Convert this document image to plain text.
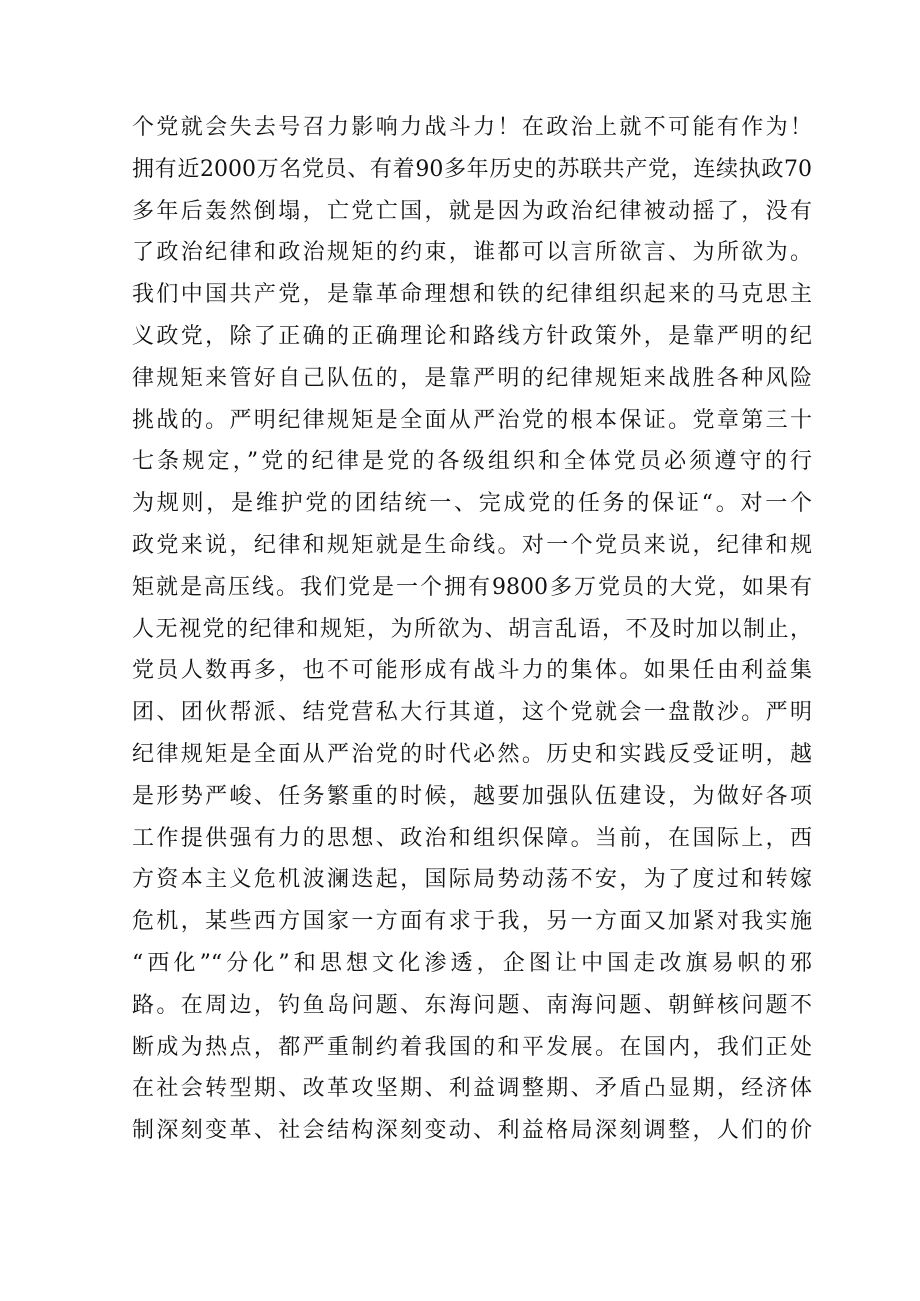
个党就会失去号召力影响力战斗力！在政治上就不可能有作为！
拥有近2000万名党员、有着90多年历史的苏联共产党，连续执政70
多年后轰然倒塌，亡党亡国，就是因为政治纪律被动摇了，没有
了政治纪律和政治规矩的约束，谁都可以言所欲言、为所欲为。
我们中国共产党，是靠革命理想和铁的纪律组织起来的马克思主
义政党，除了正确的正确理论和路线方针政策外，是靠严明的纪
律规矩来管好自己队伍的，是靠严明的纪律规矩来战胜各种风险
挑战的。严明纪律规矩是全面从严治党的根本保证。党章第三十
七条规定，”党的纪律是党的各级组织和全体党员必须遵守的行
为规则，是维护党的团结统一、完成党的任务的保证“。对一个
政党来说，纪律和规矩就是生命线。对一个党员来说，纪律和规
矩就是高压线。我们党是一个拥有9800多万党员的大党，如果有
人无视党的纪律和规矩，为所欲为、胡言乱语，不及时加以制止，
党员人数再多，也不可能形成有战斗力的集体。如果任由利益集
团、团伙帮派、结党营私大行其道，这个党就会一盘散沙。严明
纪律规矩是全面从严治党的时代必然。历史和实践反受证明，越
是形势严峻、任务繁重的时候，越要加强队伍建设，为做好各项
工作提供强有力的思想、政治和组织保障。当前，在国际上，西
方资本主义危机波澜迭起，国际局势动荡不安，为了度过和转嫁
危机，某些西方国家一方面有求于我，另一方面又加紧对我实施
“西化”“分化”和思想文化渗透，企图让中国走改旗易帜的邪
路。在周边，钓鱼岛问题、东海问题、南海问题、朝鲜核问题不
断成为热点，都严重制约着我国的和平发展。在国内，我们正处
在社会转型期、改革攻坚期、利益调整期、矛盾凸显期，经济体
制深刻变革、社会结构深刻变动、利益格局深刻调整，人们的价
